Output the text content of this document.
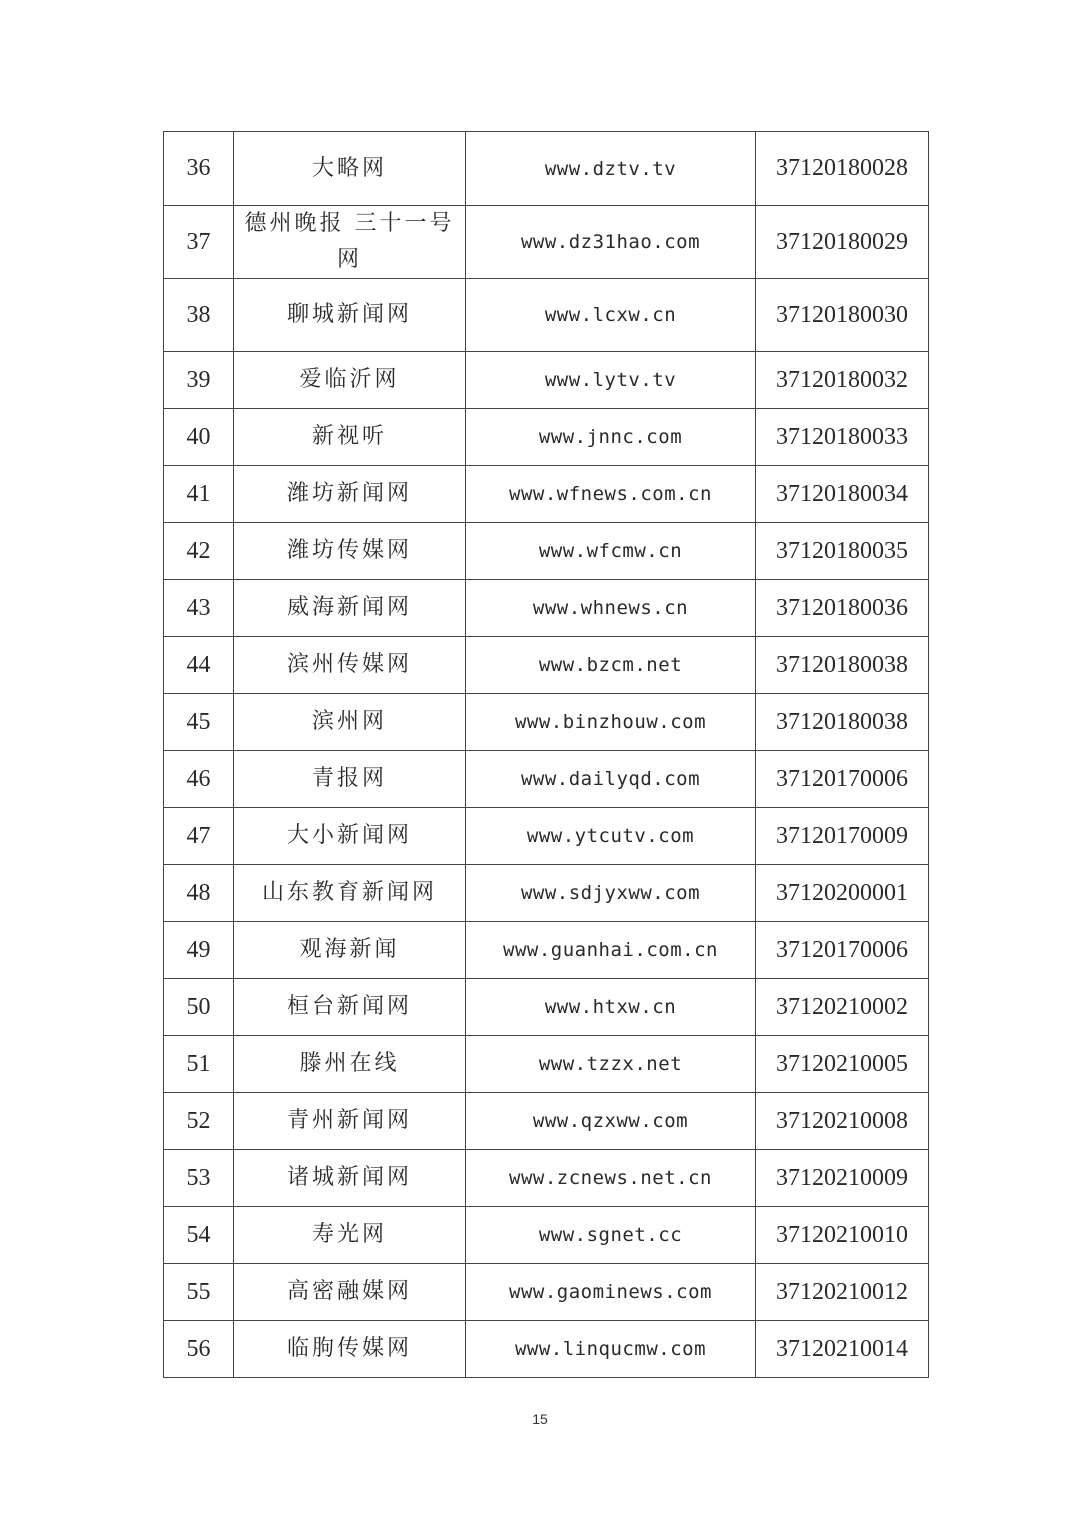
36	大略网	www.dztv.tv	37120180028
37	德州晚报 三十一号网	www.dz31hao.com	37120180029
38	聊城新闻网	www.lcxw.cn	37120180030
39	爱临沂网	www.lytv.tv	37120180032
40	新视听	www.jnnc.com	37120180033
41	潍坊新闻网	www.wfnews.com.cn	37120180034
42	潍坊传媒网	www.wfcmw.cn	37120180035
43	威海新闻网	www.whnews.cn	37120180036
44	滨州传媒网	www.bzcm.net	37120180038
45	滨州网	www.binzhouw.com	37120180038
46	青报网	www.dailyqd.com	37120170006
47	大小新闻网	www.ytcutv.com	37120170009
48	山东教育新闻网	www.sdjyxww.com	37120200001
49	观海新闻	www.guanhai.com.cn	37120170006
50	桓台新闻网	www.htxw.cn	37120210002
51	滕州在线	www.tzzx.net	37120210005
52	青州新闻网	www.qzxww.com	37120210008
53	诸城新闻网	www.zcnews.net.cn	37120210009
54	寿光网	www.sgnet.cc	37120210010
55	高密融媒网	www.gaominews.com	37120210012
56	临朐传媒网	www.linqucmw.com	37120210014
15
